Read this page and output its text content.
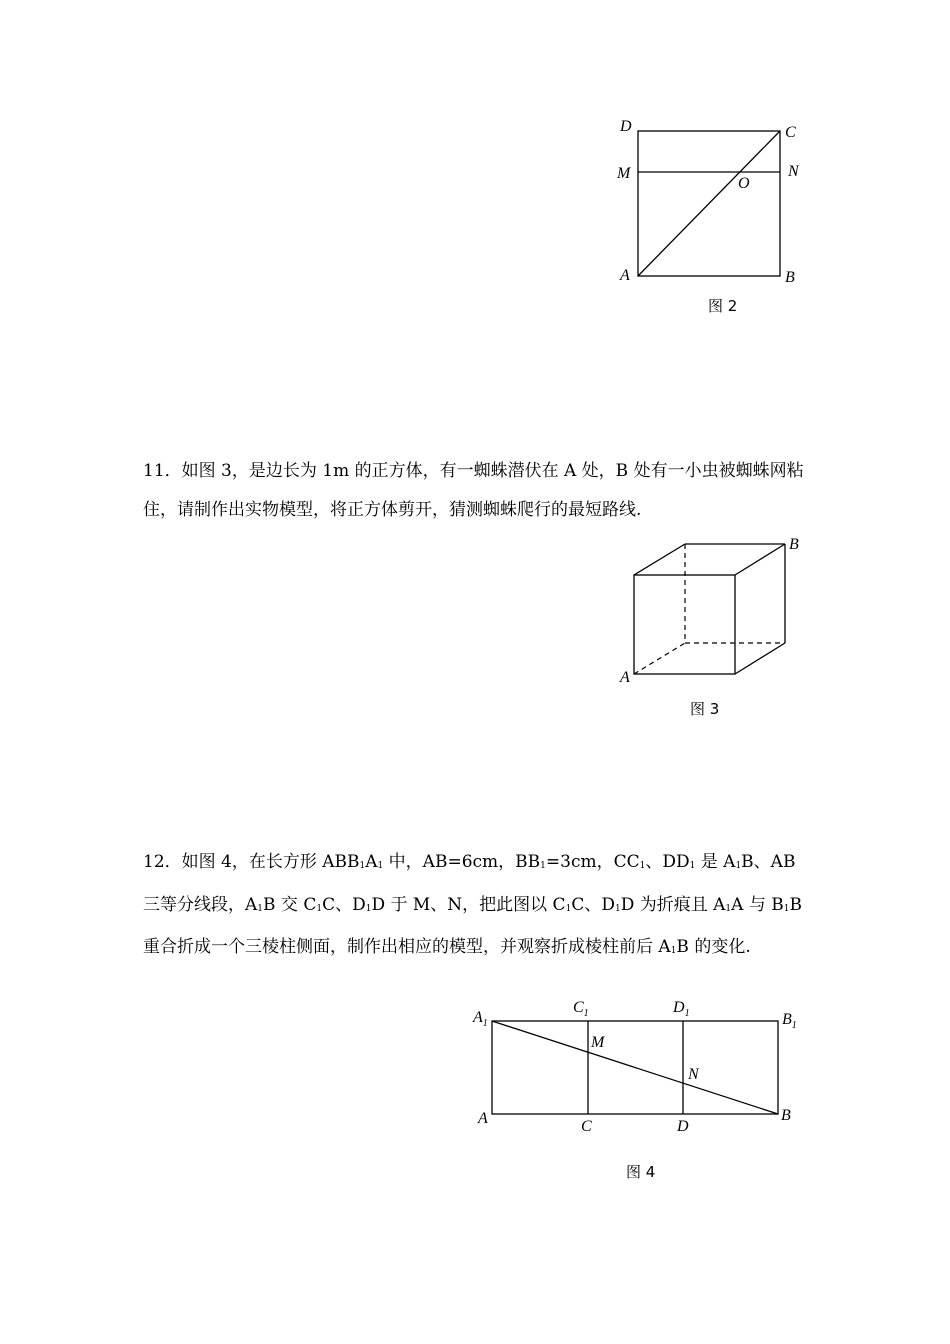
D	C
M	N
O
A	B
图 2

11．如图 3，是边长为 1m 的正方体，有一蜘蛛潜伏在 A 处，B 处有一小虫被蜘蛛网粘住，请制作出实物模型，将正方体剪开，猜测蜘蛛爬行的最短路线.

A
B
图 3

12．如图 4，在长方形 $ABB_1A_1$ 中，AB=6cm，$BB_1=3cm$，$CC_1$、$DD_1$ 是 $A_1B$、AB 三等分线段，$A_1B$ 交 $C_1C$、$D_1D$ 于 M、N，把此图以 $C_1C$、$D_1D$ 为折痕且 $A_1A$ 与 $B_1B$ 重合折成一个三棱柱侧面，制作出相应的模型，并观察折成棱柱前后 $A_1B$ 的变化.

$A_1$
$C_1$	$D_1$	$B_1$
M
N
A	C	D
B
图 4
